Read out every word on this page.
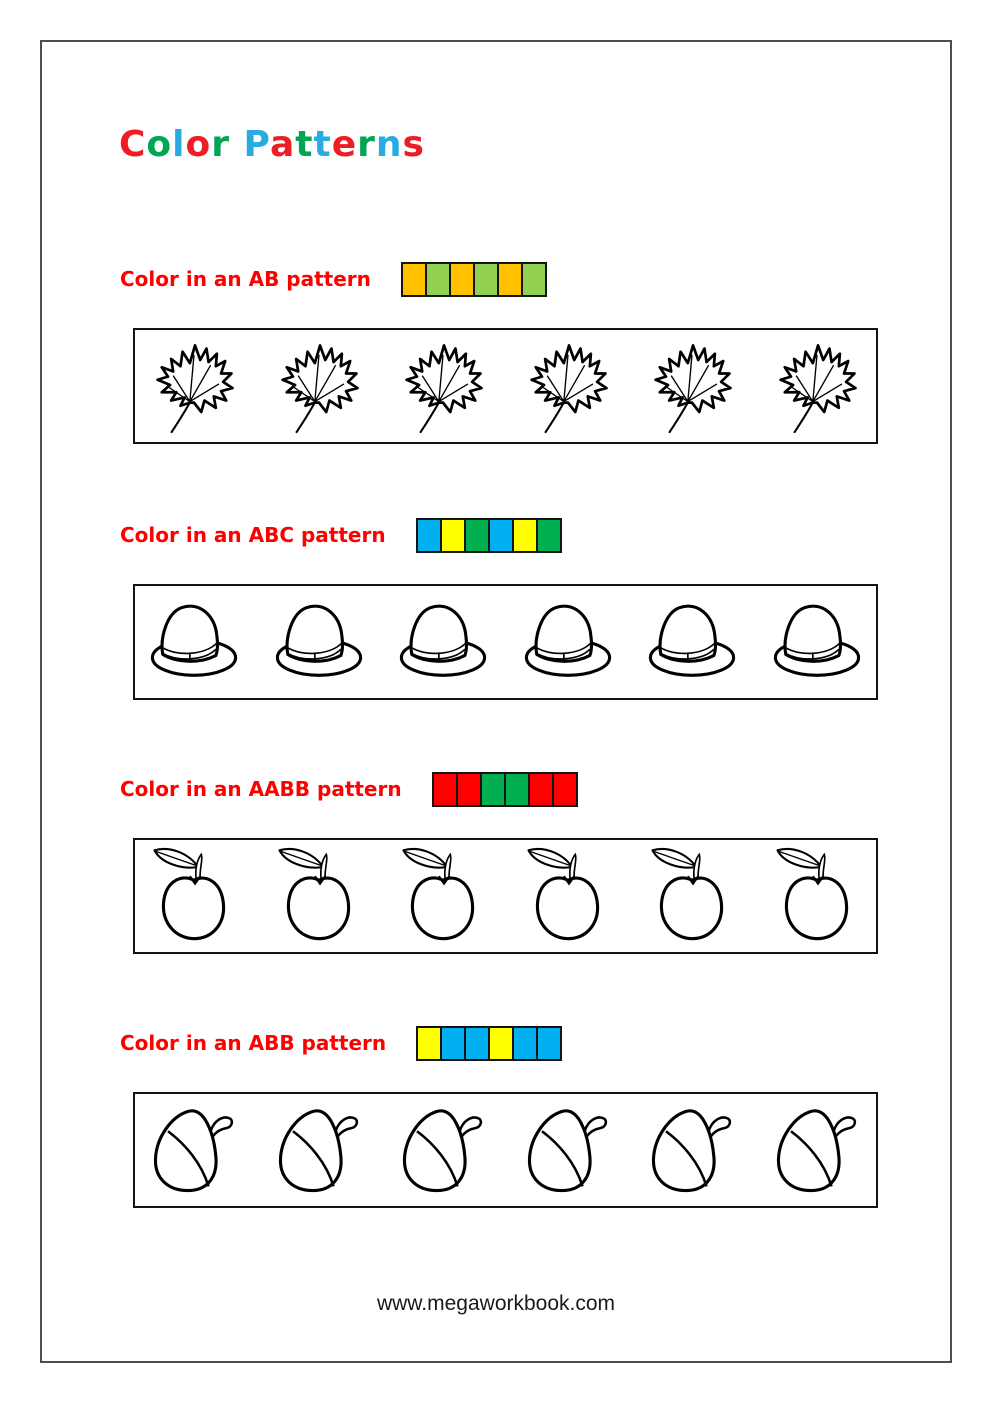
Color Patterns
Color in an AB pattern
Color in an ABC pattern
Color in an AABB pattern
Color in an ABB pattern
www.megaworkbook.com
